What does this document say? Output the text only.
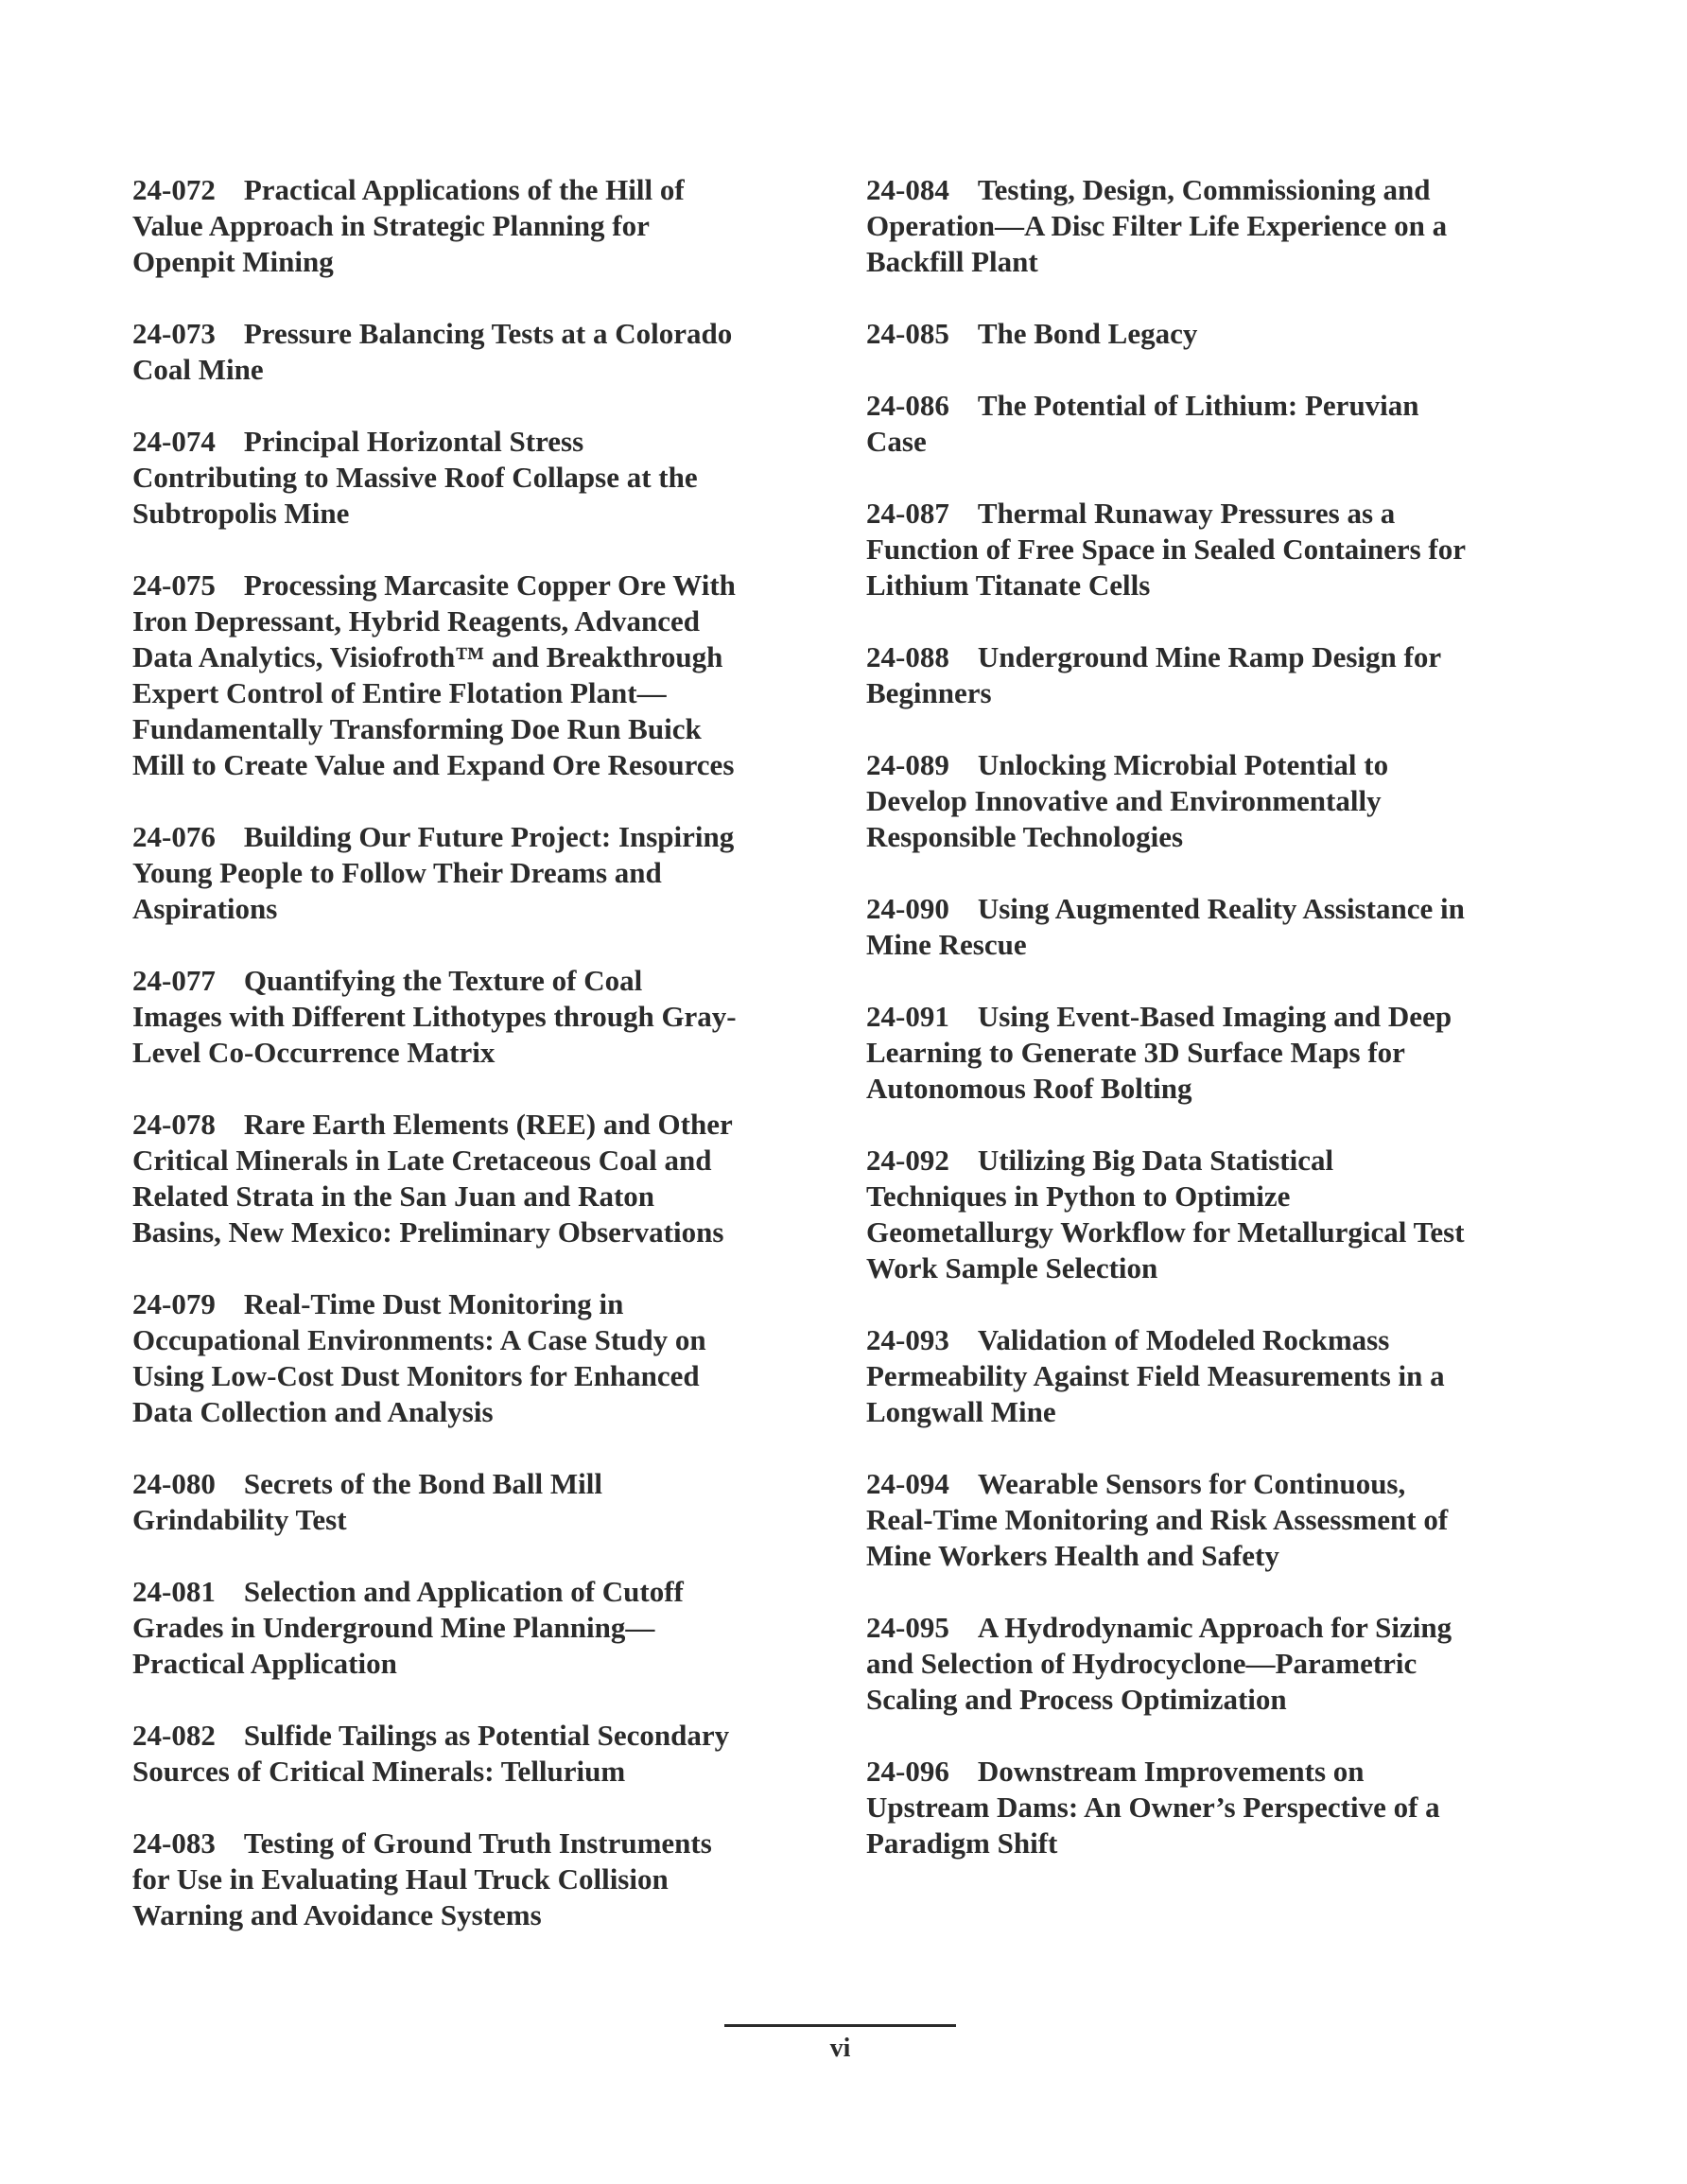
24-072 Practical Applications of the Hill of Value Approach in Strategic Planning for Openpit Mining

24-073 Pressure Balancing Tests at a Colorado Coal Mine

24-074 Principal Horizontal Stress Contributing to Massive Roof Collapse at the Subtropolis Mine

24-075 Processing Marcasite Copper Ore With Iron Depressant, Hybrid Reagents, Advanced Data Analytics, Visiofroth™ and Breakthrough Expert Control of Entire Flotation Plant—Fundamentally Transforming Doe Run Buick Mill to Create Value and Expand Ore Resources

24-076 Building Our Future Project: Inspiring Young People to Follow Their Dreams and Aspirations

24-077 Quantifying the Texture of Coal Images with Different Lithotypes through Gray-Level Co-Occurrence Matrix

24-078 Rare Earth Elements (REE) and Other Critical Minerals in Late Cretaceous Coal and Related Strata in the San Juan and Raton Basins, New Mexico: Preliminary Observations

24-079 Real-Time Dust Monitoring in Occupational Environments: A Case Study on Using Low-Cost Dust Monitors for Enhanced Data Collection and Analysis

24-080 Secrets of the Bond Ball Mill Grindability Test

24-081 Selection and Application of Cutoff Grades in Underground Mine Planning—Practical Application

24-082 Sulfide Tailings as Potential Secondary Sources of Critical Minerals: Tellurium

24-083 Testing of Ground Truth Instruments for Use in Evaluating Haul Truck Collision Warning and Avoidance Systems

24-084 Testing, Design, Commissioning and Operation—A Disc Filter Life Experience on a Backfill Plant

24-085 The Bond Legacy

24-086 The Potential of Lithium: Peruvian Case

24-087 Thermal Runaway Pressures as a Function of Free Space in Sealed Containers for Lithium Titanate Cells

24-088 Underground Mine Ramp Design for Beginners

24-089 Unlocking Microbial Potential to Develop Innovative and Environmentally Responsible Technologies

24-090 Using Augmented Reality Assistance in Mine Rescue

24-091 Using Event-Based Imaging and Deep Learning to Generate 3D Surface Maps for Autonomous Roof Bolting

24-092 Utilizing Big Data Statistical Techniques in Python to Optimize Geometallurgy Workflow for Metallurgical Test Work Sample Selection

24-093 Validation of Modeled Rockmass Permeability Against Field Measurements in a Longwall Mine

24-094 Wearable Sensors for Continuous, Real-Time Monitoring and Risk Assessment of Mine Workers Health and Safety

24-095 A Hydrodynamic Approach for Sizing and Selection of Hydrocyclone—Parametric Scaling and Process Optimization

24-096 Downstream Improvements on Upstream Dams: An Owner’s Perspective of a Paradigm Shift

vi
